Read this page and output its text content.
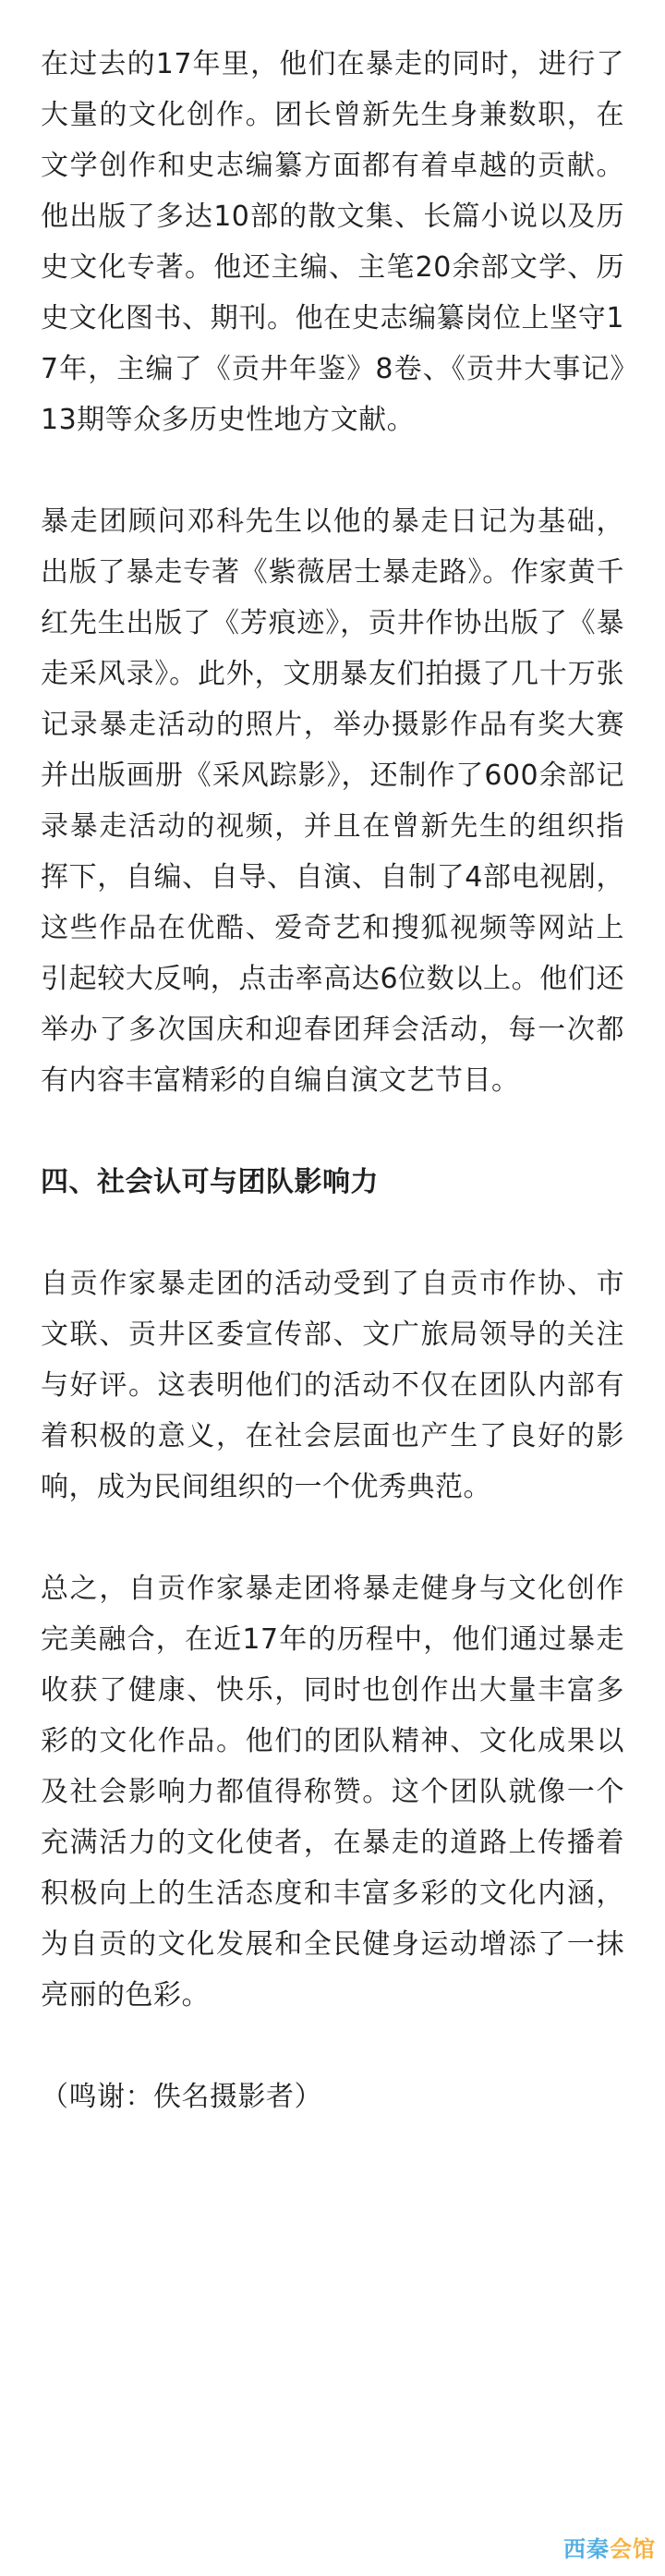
在过去的17年里，他们在暴走的同时，进行了大量的文化创作。团长曾新先生身兼数职，在文学创作和史志编纂方面都有着卓越的贡献。他出版了多达10部的散文集、长篇小说以及历史文化专著。他还主编、主笔20余部文学、历史文化图书、期刊。他在史志编纂岗位上坚守17年，主编了《贡井年鉴》8卷、《贡井大事记》13期等众多历史性地方文献。

暴走团顾问邓科先生以他的暴走日记为基础，出版了暴走专著《紫薇居士暴走路》。作家黄千红先生出版了《芳痕迹》，贡井作协出版了《暴走采风录》。此外，文朋暴友们拍摄了几十万张记录暴走活动的照片，举办摄影作品有奖大赛并出版画册《采风踪影》，还制作了600余部记录暴走活动的视频，并且在曾新先生的组织指挥下，自编、自导、自演、自制了4部电视剧，这些作品在优酷、爱奇艺和搜狐视频等网站上引起较大反响，点击率高达6位数以上。他们还举办了多次国庆和迎春团拜会活动，每一次都有内容丰富精彩的自编自演文艺节目。

四、社会认可与团队影响力

自贡作家暴走团的活动受到了自贡市作协、市文联、贡井区委宣传部、文广旅局领导的关注与好评。这表明他们的活动不仅在团队内部有着积极的意义，在社会层面也产生了良好的影响，成为民间组织的一个优秀典范。

总之，自贡作家暴走团将暴走健身与文化创作完美融合，在近17年的历程中，他们通过暴走收获了健康、快乐，同时也创作出大量丰富多彩的文化作品。他们的团队精神、文化成果以及社会影响力都值得称赞。这个团队就像一个充满活力的文化使者，在暴走的道路上传播着积极向上的生活态度和丰富多彩的文化内涵，为自贡的文化发展和全民健身运动增添了一抹亮丽的色彩。

（鸣谢：佚名摄影者）

西秦会馆
